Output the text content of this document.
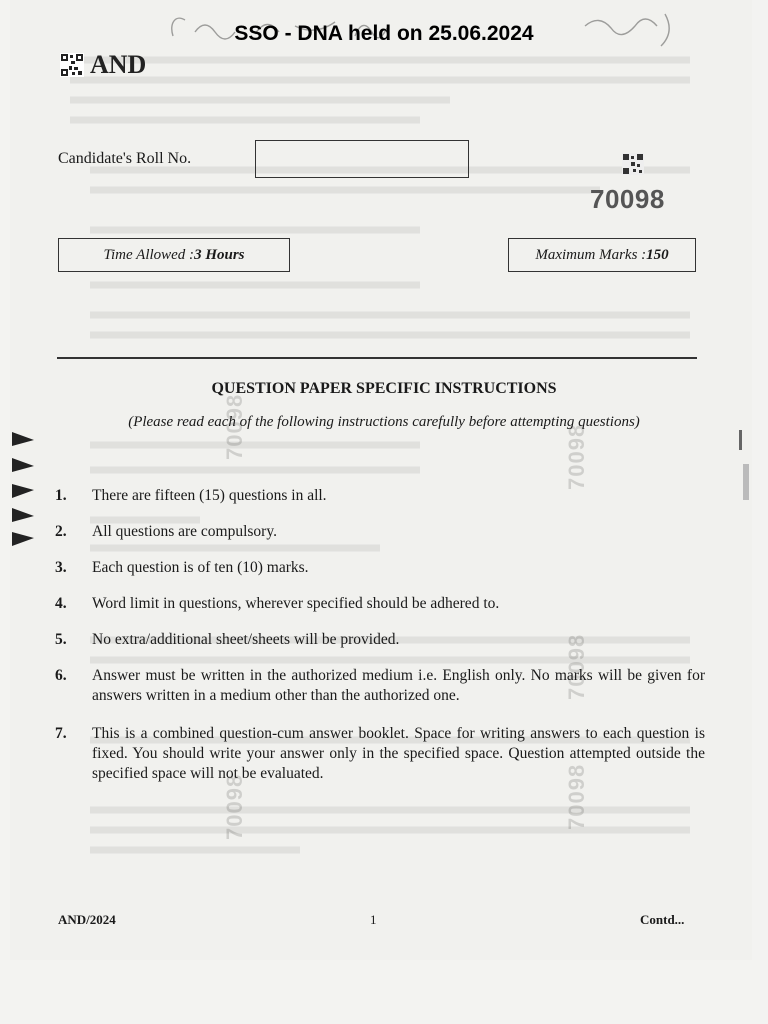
SSO - DNA held on 25.06.2024
AND
Candidate's Roll No.
70098
Time Allowed : 3 Hours	Maximum Marks : 150
QUESTION PAPER SPECIFIC INSTRUCTIONS
(Please read each of the following instructions carefully before attempting questions)
70098	70098
70098
70098	70098
1. There are fifteen (15) questions in all.
2. All questions are compulsory.
3. Each question is of ten (10) marks.
4. Word limit in questions, wherever specified should be adhered to.
5. No extra/additional sheet/sheets will be provided.
6. Answer must be written in the authorized medium i.e. English only. No marks will be given for answers written in a medium other than the authorized one.
7. This is a combined question-cum answer booklet. Space for writing answers to each question is fixed. You should write your answer only in the specified space. Question attempted outside the specified space will not be evaluated.
AND/2024	1	Contd...
